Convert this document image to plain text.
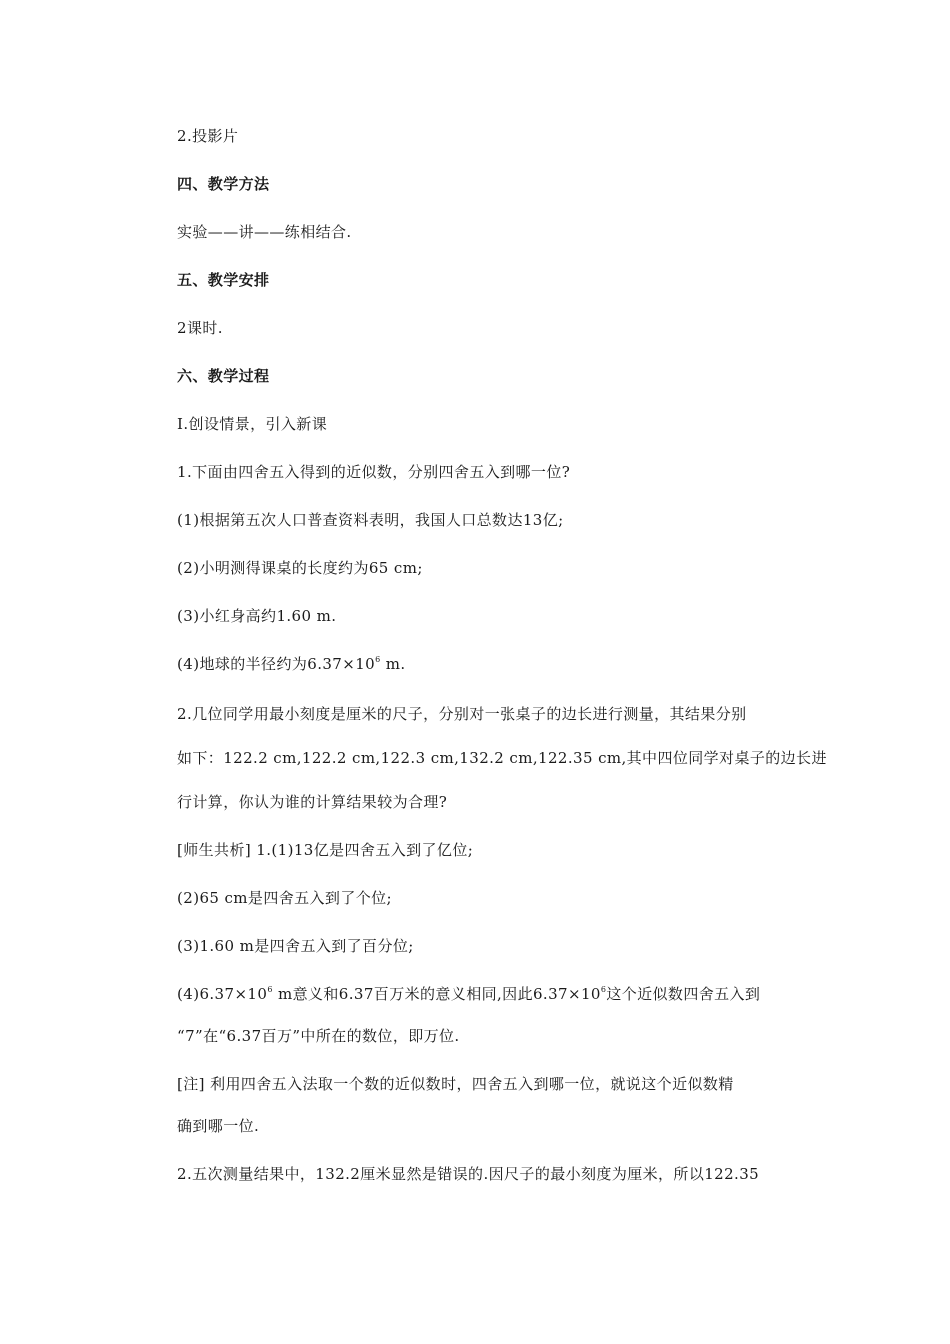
2.投影片
四、教学方法
实验——讲——练相结合.
五、教学安排
2课时.
六、教学过程
Ⅰ.创设情景，引入新课
1.下面由四舍五入得到的近似数，分别四舍五入到哪一位?
(1)根据第五次人口普查资料表明，我国人口总数达13亿;
(2)小明测得课桌的长度约为65 cm;
(3)小红身高约1.60 m.
(4)地球的半径约为$6.37\times 10^6$ m.
2.几位同学用最小刻度是厘米的尺子，分别对一张桌子的边长进行测量，其结果分别
如下：122.2 cm,122.2 cm,122.3 cm,132.2 cm,122.35 cm,其中四位同学对桌子的边长进
行计算，你认为谁的计算结果较为合理?
[师生共析] 1.(1)13亿是四舍五入到了亿位;
(2)65 cm是四舍五入到了个位;
(3)1.60 m是四舍五入到了百分位;
$(4)6.37\times 10^6$ m意义和6.37百万米的意义相同,因此$6.37\times 10^6$这个近似数四舍五入到
“7”在“6.37百万”中所在的数位，即万位.
[注] 利用四舍五入法取一个数的近似数时，四舍五入到哪一位，就说这个近似数精
确到哪一位.
2.五次测量结果中，132.2厘米显然是错误的.因尺子的最小刻度为厘米，所以122.35
